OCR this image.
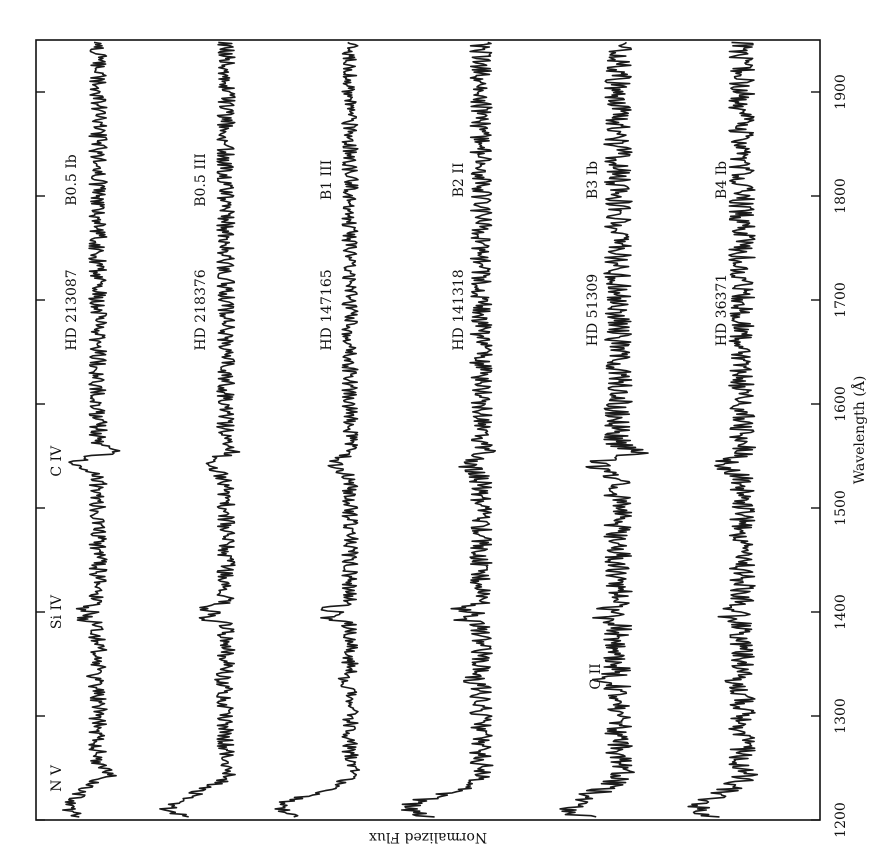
1200
1300
1400
1500
1600
1700
1800
1900
HD 213087
B0.5 Ib
HD 218376
B0.5 III
HD 147165
B1 III
HD 141318
B2 II
HD 51309
B3 Ib
HD 36371
B4 Ib
N V
Si IV
C IV
C II
Wavelength (Å)
Normalized Flux
